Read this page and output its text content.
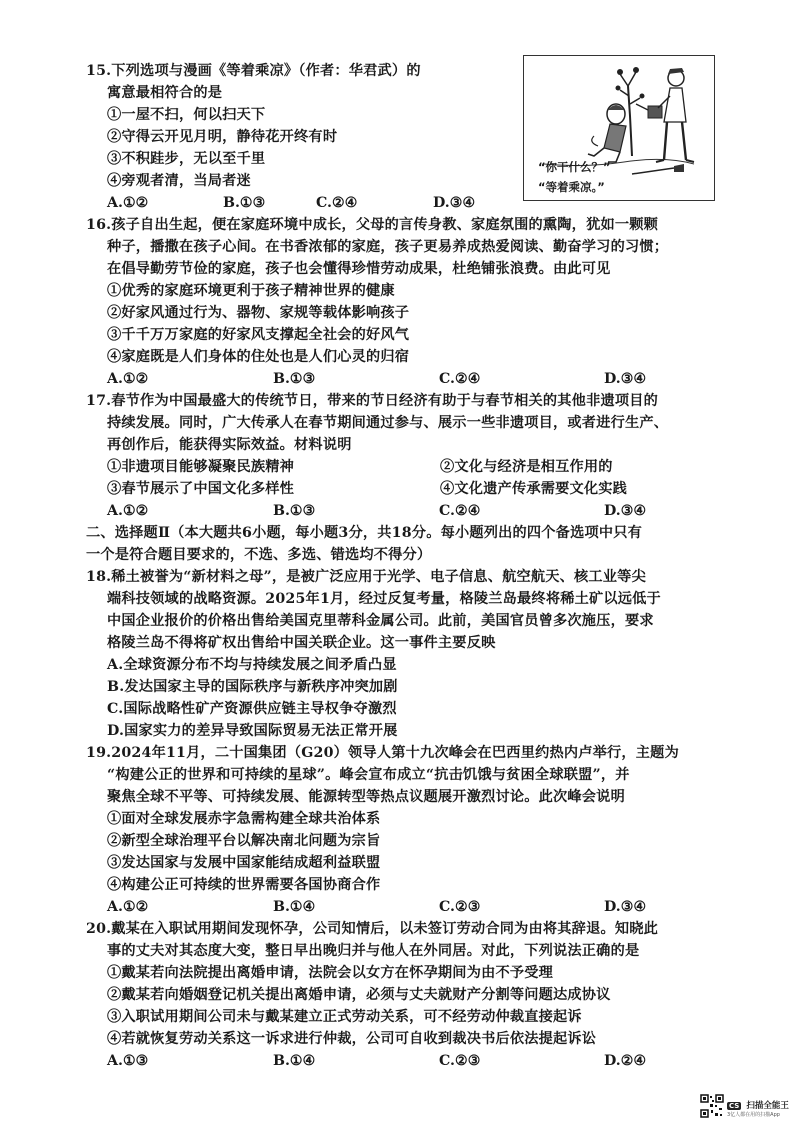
15.下列选项与漫画《等着乘凉》（作者：华君武）的
寓意最相符合的是
①一屋不扫，何以扫天下
②守得云开见月明，静待花开终有时
③不积跬步，无以至千里
④旁观者清，当局者迷
A.①②	B.①③	C.②④	D.③④
“你干什么？”
“等着乘凉。”
16.孩子自出生起，便在家庭环境中成长，父母的言传身教、家庭氛围的熏陶，犹如一颗颗
种子，播撒在孩子心间。在书香浓郁的家庭，孩子更易养成热爱阅读、勤奋学习的习惯；
在倡导勤劳节俭的家庭，孩子也会懂得珍惜劳动成果，杜绝铺张浪费。由此可见
①优秀的家庭环境更利于孩子精神世界的健康
②好家风通过行为、器物、家规等载体影响孩子
③千千万万家庭的好家风支撑起全社会的好风气
④家庭既是人们身体的住处也是人们心灵的归宿
A.①②	B.①③	C.②④	D.③④
17.春节作为中国最盛大的传统节日，带来的节日经济有助于与春节相关的其他非遗项目的
持续发展。同时，广大传承人在春节期间通过参与、展示一些非遗项目，或者进行生产、
再创作后，能获得实际效益。材料说明
①非遗项目能够凝聚民族精神	②文化与经济是相互作用的
③春节展示了中国文化多样性	④文化遗产传承需要文化实践
A.①②	B.①③	C.②④	D.③④
二、选择题Ⅱ（本大题共6小题，每小题3分，共18分。每小题列出的四个备选项中只有
一个是符合题目要求的，不选、多选、错选均不得分）
18.稀土被誉为“新材料之母”，是被广泛应用于光学、电子信息、航空航天、核工业等尖
端科技领域的战略资源。2025年1月，经过反复考量，格陵兰岛最终将稀土矿以远低于
中国企业报价的价格出售给美国克里蒂科金属公司。此前，美国官员曾多次施压，要求
格陵兰岛不得将矿权出售给中国关联企业。这一事件主要反映
A.全球资源分布不均与持续发展之间矛盾凸显
B.发达国家主导的国际秩序与新秩序冲突加剧
C.国际战略性矿产资源供应链主导权争夺激烈
D.国家实力的差异导致国际贸易无法正常开展
19.2024年11月，二十国集团（G20）领导人第十九次峰会在巴西里约热内卢举行，主题为
“构建公正的世界和可持续的星球”。峰会宣布成立“抗击饥饿与贫困全球联盟”，并
聚焦全球不平等、可持续发展、能源转型等热点议题展开激烈讨论。此次峰会说明
①面对全球发展赤字急需构建全球共治体系
②新型全球治理平台以解决南北问题为宗旨
③发达国家与发展中国家能结成超利益联盟
④构建公正可持续的世界需要各国协商合作
A.①②	B.①④	C.②③	D.③④
20.戴某在入职试用期间发现怀孕，公司知情后，以未签订劳动合同为由将其辞退。知晓此
事的丈夫对其态度大变，整日早出晚归并与他人在外同居。对此，下列说法正确的是
①戴某若向法院提出离婚申请，法院会以女方在怀孕期间为由不予受理
②戴某若向婚姻登记机关提出离婚申请，必须与丈夫就财产分割等问题达成协议
③入职试用期间公司未与戴某建立正式劳动关系，可不经劳动仲裁直接起诉
④若就恢复劳动关系这一诉求进行仲裁，公司可自收到裁决书后依法提起诉讼
A.①③	B.①④	C.②③	D.②④
CS 扫描全能王
3亿人都在用的扫描App
